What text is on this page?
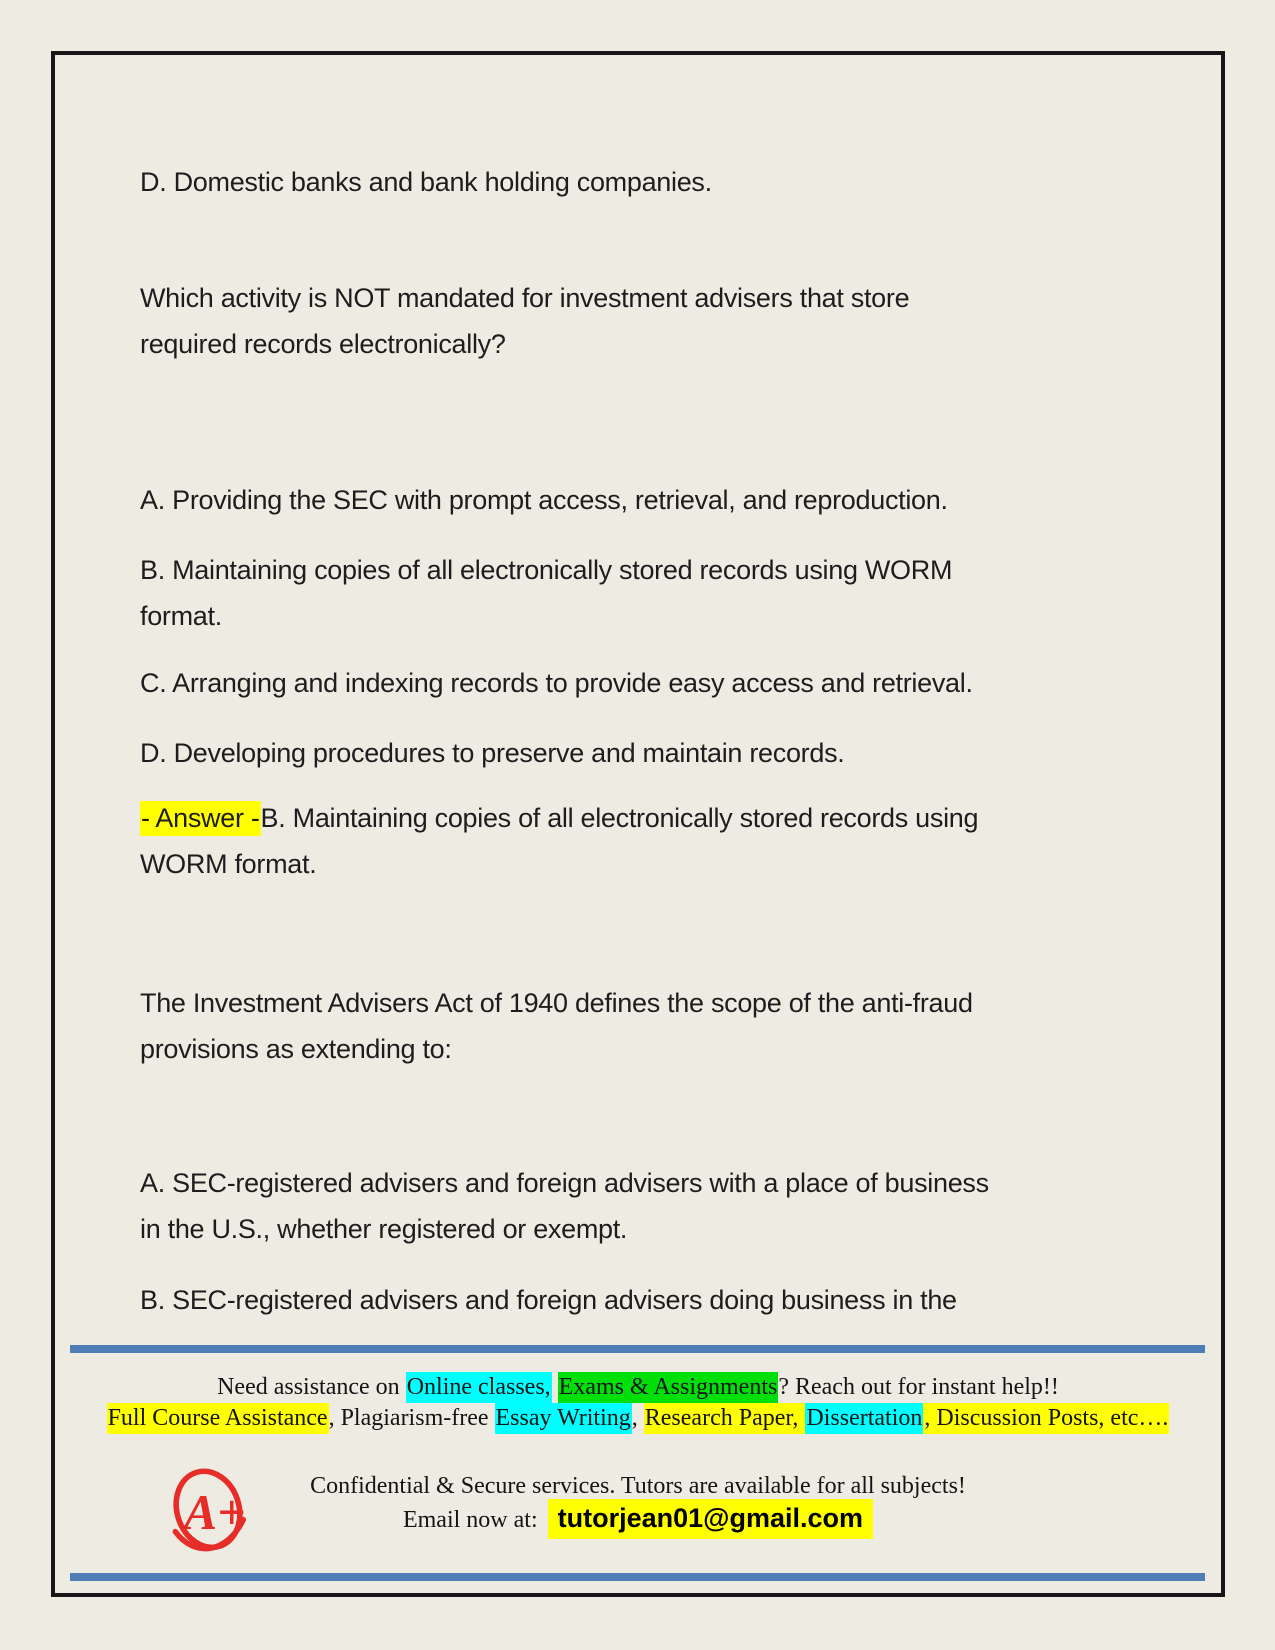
D. Domestic banks and bank holding companies.

Which activity is NOT mandated for investment advisers that store
required records electronically?

A. Providing the SEC with prompt access, retrieval, and reproduction.

B. Maintaining copies of all electronically stored records using WORM
format.

C. Arranging and indexing records to provide easy access and retrieval.

D. Developing procedures to preserve and maintain records.

- Answer -B. Maintaining copies of all electronically stored records using
WORM format.

The Investment Advisers Act of 1940 defines the scope of the anti-fraud
provisions as extending to:

A. SEC-registered advisers and foreign advisers with a place of business
in the U.S., whether registered or exempt.

B. SEC-registered advisers and foreign advisers doing business in the

Need assistance on Online classes, Exams & Assignments? Reach out for instant help!!
Full Course Assistance, Plagiarism-free Essay Writing, Research Paper, Dissertation, Discussion Posts, etc….
A+	Confidential & Secure services. Tutors are available for all subjects!
Email now at: tutorjean01@gmail.com
